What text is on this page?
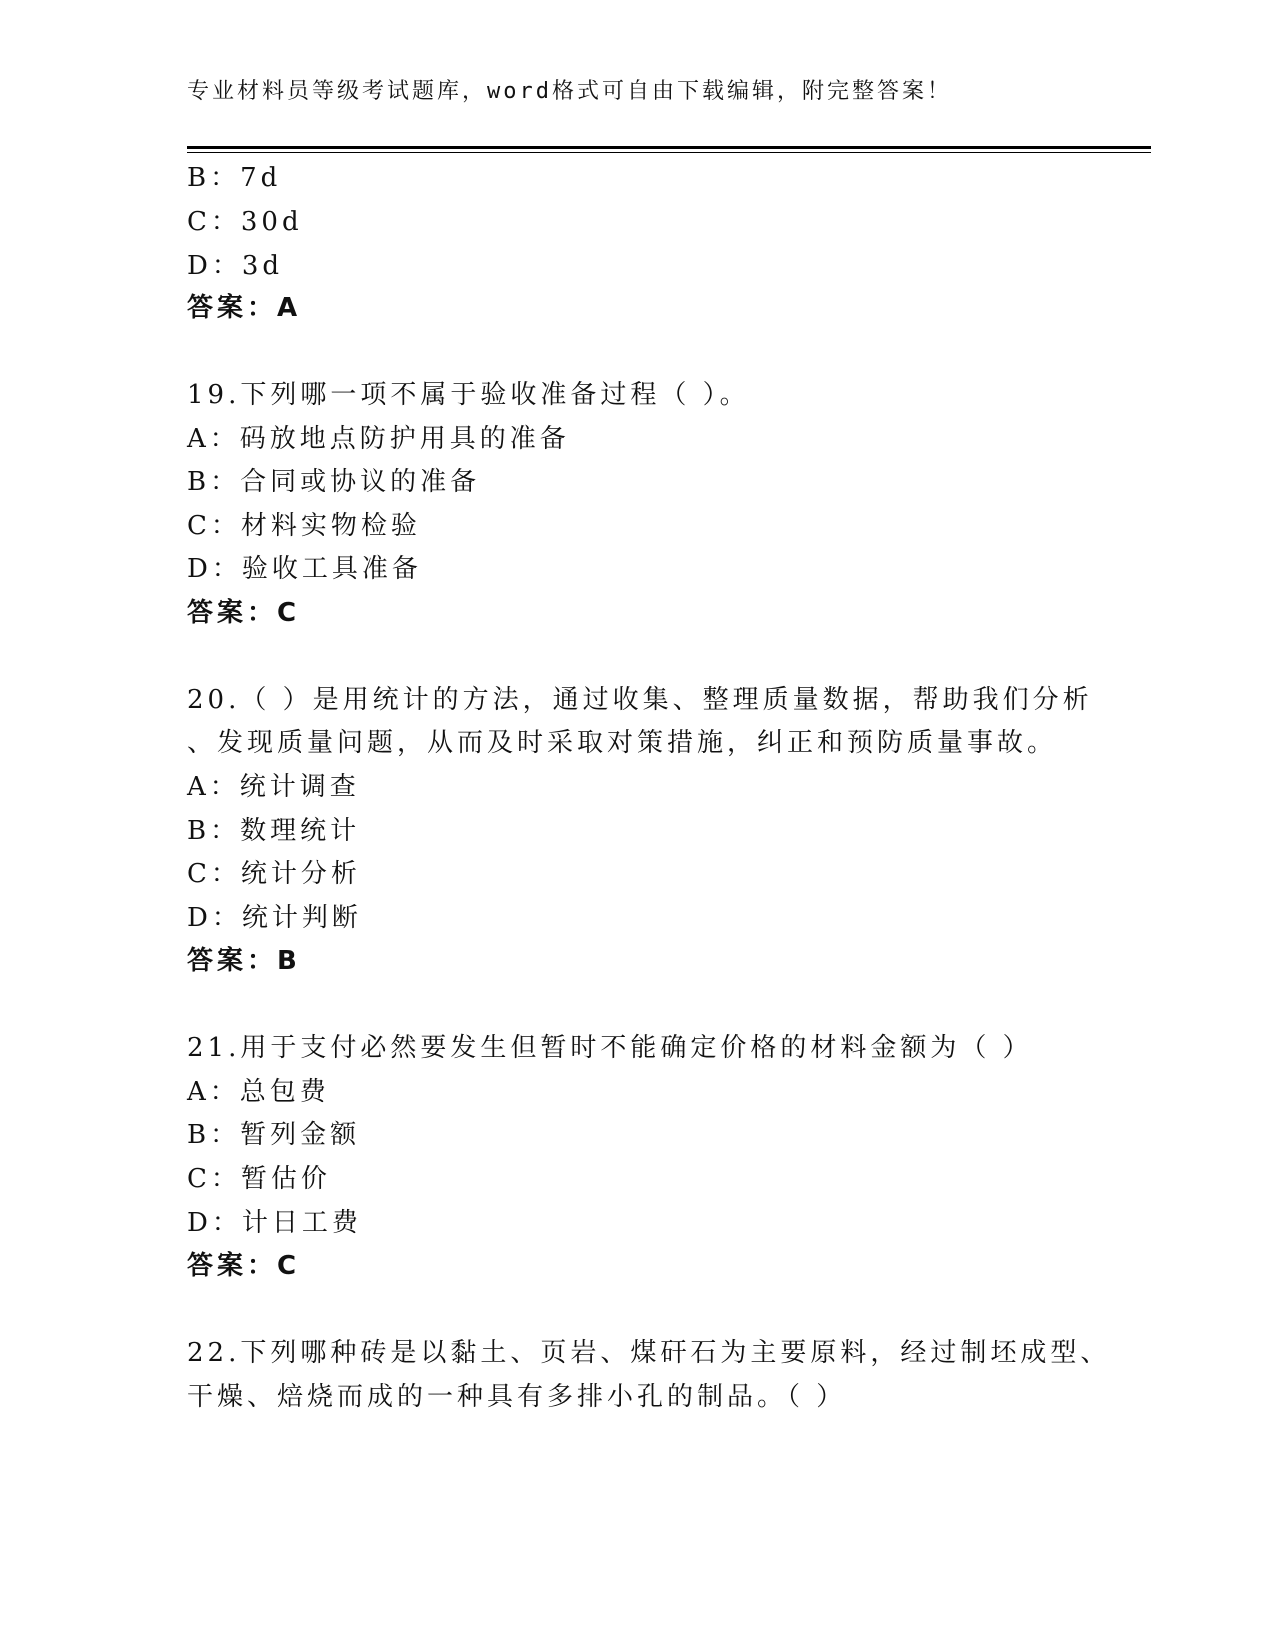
专业材料员等级考试题库，word格式可自由下载编辑，附完整答案！
B：7d
C：30d
D：3d
答案：A
19.下列哪一项不属于验收准备过程（ ）。
A：码放地点防护用具的准备
B：合同或协议的准备
C：材料实物检验
D：验收工具准备
答案：C
20.（ ）是用统计的方法，通过收集、整理质量数据，帮助我们分析
、发现质量问题，从而及时采取对策措施，纠正和预防质量事故。
A：统计调查
B：数理统计
C：统计分析
D：统计判断
答案：B
21.用于支付必然要发生但暂时不能确定价格的材料金额为（ ）
A：总包费
B：暂列金额
C：暂估价
D：计日工费
答案：C
22.下列哪种砖是以黏土、页岩、煤矸石为主要原料，经过制坯成型、
干燥、焙烧而成的一种具有多排小孔的制品。（ ）
